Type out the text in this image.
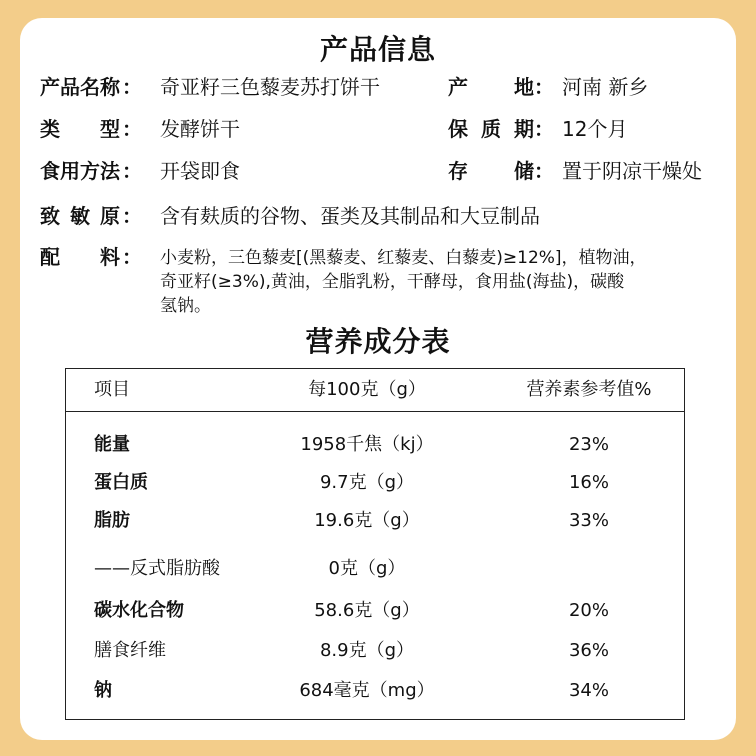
产品信息
产品名称 ： 奇亚籽三色藜麦苏打饼干	产 地 ： 河南 新乡
类 型 ： 发酵饼干	保 质 期 ： 12个月
食用方法 ： 开袋即食	存 储 ： 置于阴凉干燥处
致 敏 原 ： 含有麸质的谷物、蛋类及其制品和大豆制品
配 料 ： 小麦粉，三色藜麦[(黑藜麦、红藜麦、白藜麦)≥12%]，植物油，
奇亚籽(≥3%),黄油，全脂乳粉，干酵母，食用盐(海盐)，碳酸
氢钠。
营养成分表
项目	每100克（g）	营养素参考值%
能量	1958千焦（kj）	23%
蛋白质	9.7克（g）	16%
脂肪	19.6克（g）	33%
——反式脂肪酸	0克（g）
碳水化合物	58.6克（g）	20%
膳食纤维	8.9克（g）	36%
钠	684毫克（mg）	34%
